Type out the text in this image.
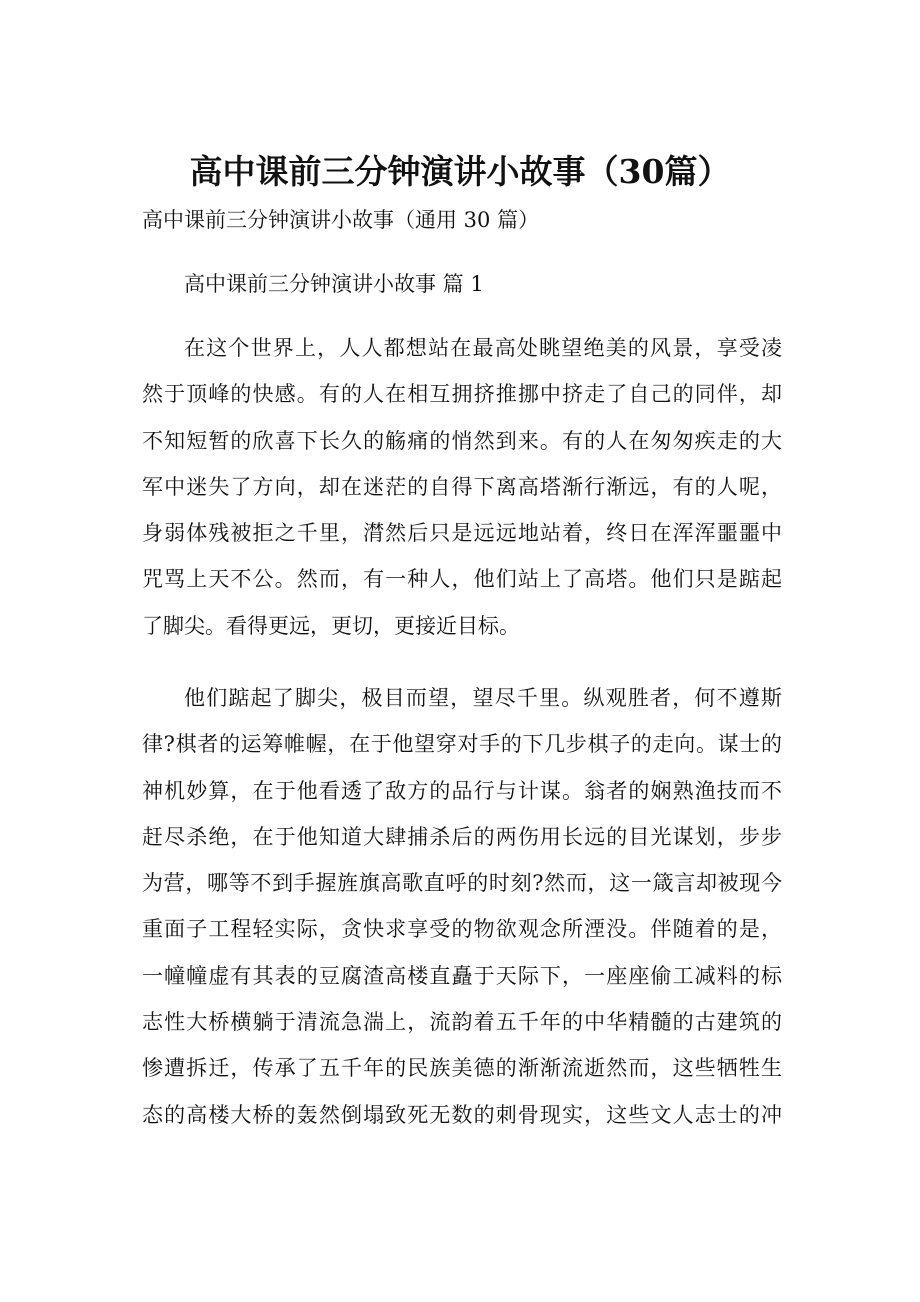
高中课前三分钟演讲小故事（30篇）
高中课前三分钟演讲小故事（通用 30 篇）
高中课前三分钟演讲小故事 篇 1
在这个世界上，人人都想站在最高处眺望绝美的风景，享受凌
然于顶峰的快感。有的人在相互拥挤推挪中挤走了自己的同伴，却
不知短暂的欣喜下长久的觞痛的悄然到来。有的人在匆匆疾走的大
军中迷失了方向，却在迷茫的自得下离高塔渐行渐远，有的人呢，
身弱体残被拒之千里，潸然后只是远远地站着，终日在浑浑噩噩中
咒骂上天不公。然而，有一种人，他们站上了高塔。他们只是踮起
了脚尖。看得更远，更切，更接近目标。
他们踮起了脚尖，极目而望，望尽千里。纵观胜者，何不遵斯
律?棋者的运筹帷幄，在于他望穿对手的下几步棋子的走向。谋士的
神机妙算，在于他看透了敌方的品行与计谋。翁者的娴熟渔技而不
赶尽杀绝，在于他知道大肆捕杀后的两伤用长远的目光谋划，步步
为营，哪等不到手握旌旗高歌直呼的时刻?然而，这一箴言却被现今
重面子工程轻实际，贪快求享受的物欲观念所湮没。伴随着的是，
一幢幢虚有其表的豆腐渣高楼直矗于天际下，一座座偷工减料的标
志性大桥横躺于清流急湍上，流韵着五千年的中华精髓的古建筑的
惨遭拆迁，传承了五千年的民族美德的渐渐流逝然而，这些牺牲生
态的高楼大桥的轰然倒塌致死无数的刺骨现实，这些文人志士的冲
